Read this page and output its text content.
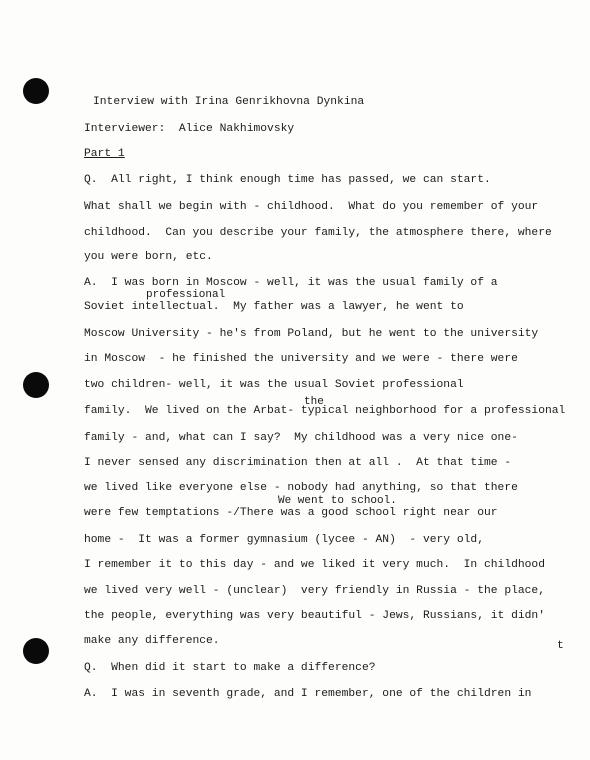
Interview with Irina Genrikhovna Dynkina
Interviewer:  Alice Nakhimovsky
Part 1
Q.  All right, I think enough time has passed, we can start.
What shall we begin with - childhood.  What do you remember of your
childhood.  Can you describe your family, the atmosphere there, where
you were born, etc.
A.  I was born in Moscow - well, it was the usual family of a
professional
Soviet intellectual.  My father was a lawyer, he went to
Moscow University - he's from Poland, but he went to the university
in Moscow  - he finished the university and we were - there were
two children- well, it was the usual Soviet professional
the
family.  We lived on the Arbat- typical neighborhood for a professional
family - and, what can I say?  My childhood was a very nice one-
I never sensed any discrimination then at all .  At that time -
we lived like everyone else - nobody had anything, so that there
We went to school.
were few temptations -/There was a good school right near our
home -  It was a former gymnasium (lycee - AN)  - very old,
I remember it to this day - and we liked it very much.  In childhood
we lived very well - (unclear)  very friendly in Russia - the place,
the people, everything was very beautiful - Jews, Russians, it didn'
make any difference.	t
Q.  When did it start to make a difference?
A.  I was in seventh grade, and I remember, one of the children in
